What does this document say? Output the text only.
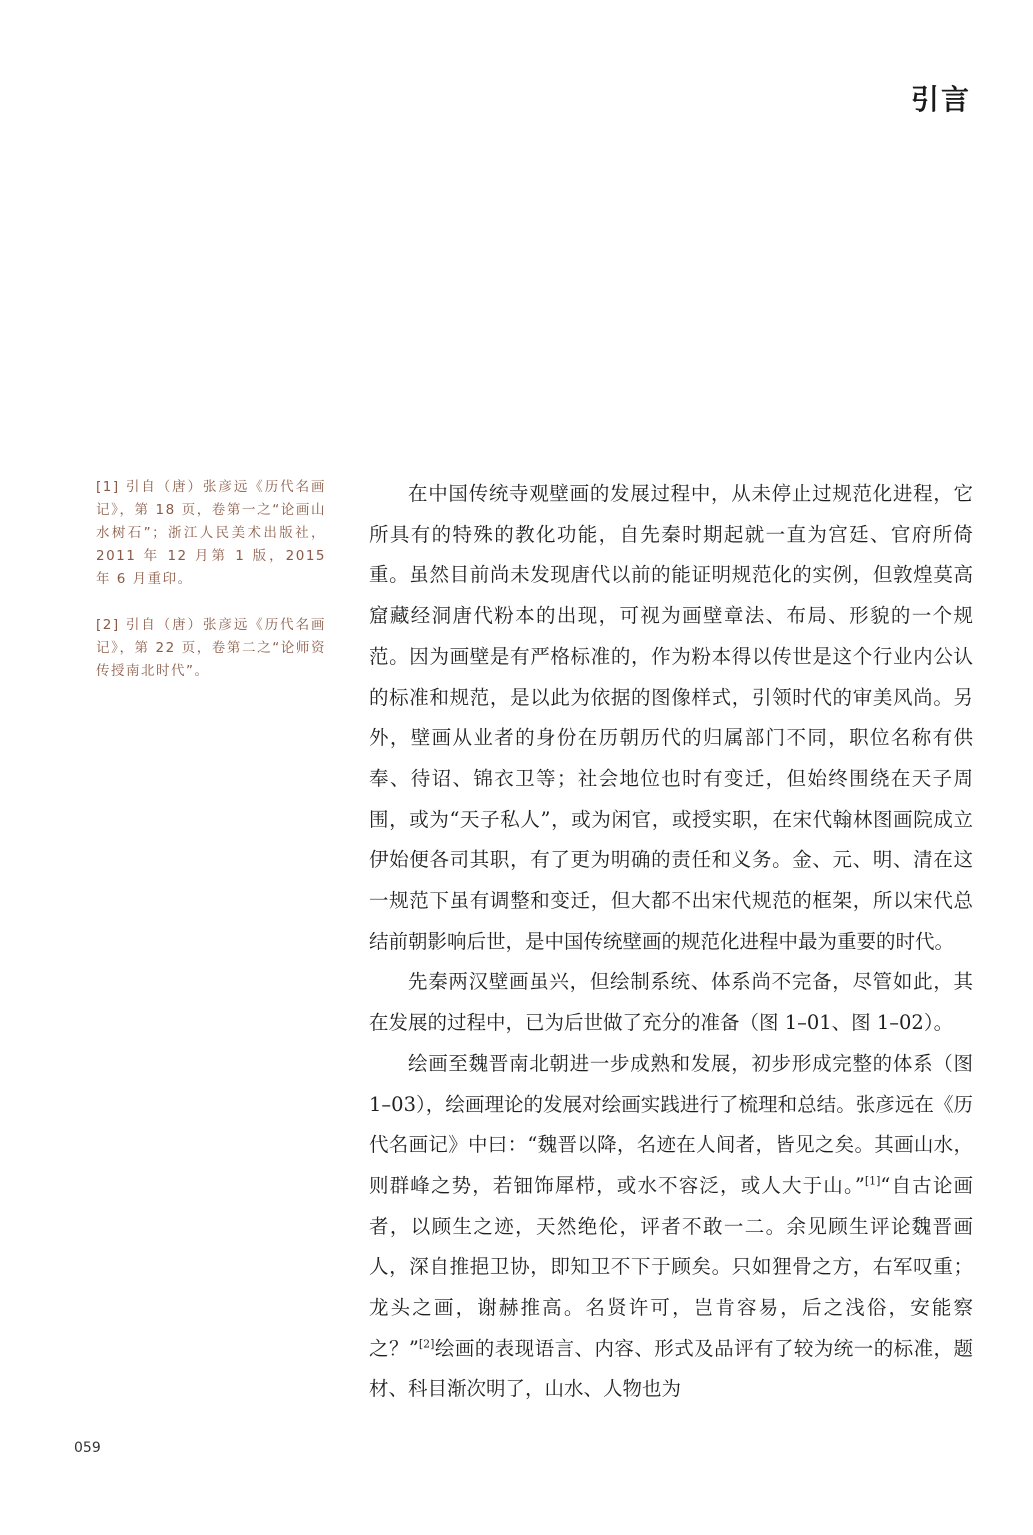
引言

[1] 引自（唐）张彦远《历代名画记》，第 18 页，卷第一之“论画山水树石”；浙江人民美术出版社，2011 年 12 月第 1 版，2015 年 6 月重印。

[2] 引自（唐）张彦远《历代名画记》，第 22 页，卷第二之“论师资传授南北时代”。

在中国传统寺观壁画的发展过程中，从未停止过规范化进程，它所具有的特殊的教化功能，自先秦时期起就一直为宫廷、官府所倚重。虽然目前尚未发现唐代以前的能证明规范化的实例，但敦煌莫高窟藏经洞唐代粉本的出现，可视为画壁章法、布局、形貌的一个规范。因为画壁是有严格标准的，作为粉本得以传世是这个行业内公认的标准和规范，是以此为依据的图像样式，引领时代的审美风尚。另外，壁画从业者的身份在历朝历代的归属部门不同，职位名称有供奉、待诏、锦衣卫等；社会地位也时有变迁，但始终围绕在天子周围，或为“天子私人”，或为闲官，或授实职，在宋代翰林图画院成立伊始便各司其职，有了更为明确的责任和义务。金、元、明、清在这一规范下虽有调整和变迁，但大都不出宋代规范的框架，所以宋代总结前朝影响后世，是中国传统壁画的规范化进程中最为重要的时代。

先秦两汉壁画虽兴，但绘制系统、体系尚不完备，尽管如此，其在发展的过程中，已为后世做了充分的准备（图 1–01、图 1–02）。

绘画至魏晋南北朝进一步成熟和发展，初步形成完整的体系（图 1–03），绘画理论的发展对绘画实践进行了梳理和总结。张彦远在《历代名画记》中曰：“魏晋以降，名迹在人间者，皆见之矣。其画山水，则群峰之势，若钿饰犀栉，或水不容泛，或人大于山。”[1]“自古论画者，以顾生之迹，天然绝伦，评者不敢一二。余见顾生评论魏晋画人，深自推挹卫协，即知卫不下于顾矣。只如狸骨之方，右军叹重；龙头之画，谢赫推高。名贤许可，岂肯容易，后之浅俗，安能察之？”[2]绘画的表现语言、内容、形式及品评有了较为统一的标准，题材、科目渐次明了，山水、人物也为

059
